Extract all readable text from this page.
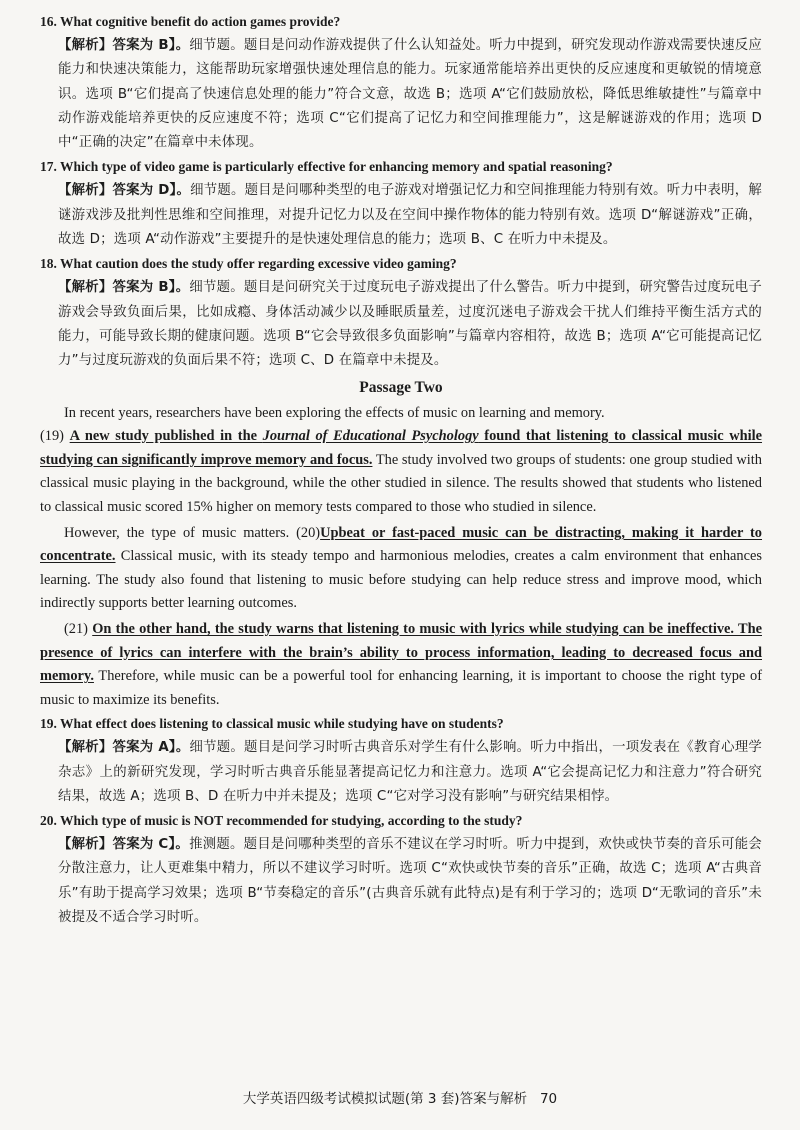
16. What cognitive benefit do action games provide?
【解析】答案为 B】。细节题。题目是问动作游戏提供了什么认知益处。听力中提到，研究发现动作游戏需要快速反应能力和快速决策能力，这能帮助玩家增强快速处理信息的能力。玩家通常能培养出更快的反应速度和更敏锐的情境意识。选项 B“它们提高了快速信息处理的能力”符合文意，故选 B；选项 A“它们鼓励放松，降低思维敏捷性”与篇章中动作游戏能培养更快的反应速度不符；选项 C“它们提高了记忆力和空间推理能力”，这是解谜游戏的作用；选项 D 中“正确的决定”在篇章中未体现。
17. Which type of video game is particularly effective for enhancing memory and spatial reasoning?
【解析】答案为 D】。细节题。题目是问哪种类型的电子游戏对增强记忆力和空间推理能力特别有效。听力中表明，解谜游戏涉及批判性思维和空间推理，对提升记忆力以及在空间中操作物体的能力特别有效。选项 D“解谜游戏”正确，故选 D；选项 A“动作游戏”主要提升的是快速处理信息的能力；选项 B、C 在听力中未提及。
18. What caution does the study offer regarding excessive video gaming?
【解析】答案为 B】。细节题。题目是问研究关于过度玩电子游戏提出了什么警告。听力中提到，研究警告过度玩电子游戏会导致负面后果，比如成瘾、身体活动减少以及睡眠质量差，过度沉迷电子游戏会干扰人们维持平衡生活方式的能力，可能导致长期的健康问题。选项 B“它会导致很多负面影响”与篇章内容相符，故选 B；选项 A“它可能提高记忆力”与过度玩游戏的负面后果不符；选项 C、D 在篇章中未提及。
Passage Two

In recent years, researchers have been exploring the effects of music on learning and memory.
(19) A new study published in the Journal of Educational Psychology found that listening to classical music while studying can significantly improve memory and focus. The study involved two groups of students: one group studied with classical music playing in the background, while the other studied in silence. The results showed that students who listened to classical music scored 15% higher on memory tests compared to those who studied in silence.

However, the type of music matters. (20)Upbeat or fast-paced music can be distracting, making it harder to concentrate. Classical music, with its steady tempo and harmonious melodies, creates a calm environment that enhances learning. The study also found that listening to music before studying can help reduce stress and improve mood, which indirectly supports better learning outcomes.

(21) On the other hand, the study warns that listening to music with lyrics while studying can be ineffective. The presence of lyrics can interfere with the brain’s ability to process information, leading to decreased focus and memory. Therefore, while music can be a powerful tool for enhancing learning, it is important to choose the right type of music to maximize its benefits.

19. What effect does listening to classical music while studying have on students?
【解析】答案为 A】。细节题。题目是问学习时听古典音乐对学生有什么影响。听力中指出，一项发表在《教育心理学杂志》上的新研究发现，学习时听古典音乐能显著提高记忆力和注意力。选项 A“它会提高记忆力和注意力”符合研究结果，故选 A；选项 B、D 在听力中并未提及；选项 C“它对学习没有影响”与研究结果相悖。
20. Which type of music is NOT recommended for studying, according to the study?
【解析】答案为 C】。推测题。题目是问哪种类型的音乐不建议在学习时听。听力中提到，欢快或快节奏的音乐可能会分散注意力，让人更难集中精力，所以不建议学习时听。选项 C“欢快或快节奏的音乐”正确，故选 C；选项 A“古典音乐”有助于提高学习效果；选项 B“节奏稳定的音乐”(古典音乐就有此特点)是有利于学习的；选项 D“无歌词的音乐”未被提及不适合学习时听。
大学英语四级考试模拟试题(第 3 套)答案与解析 70
